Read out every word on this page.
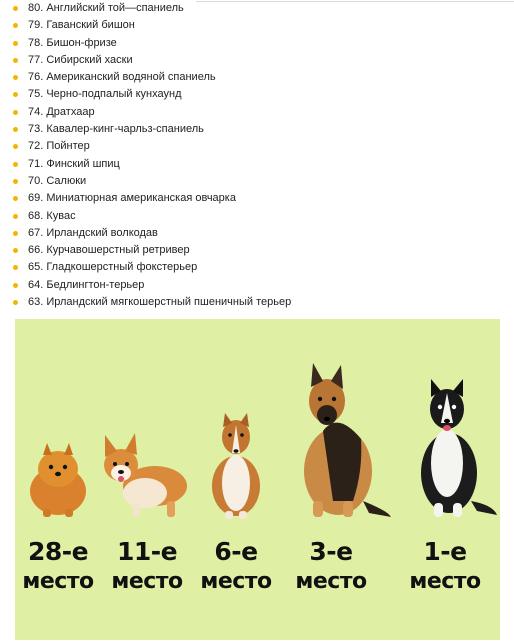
80. Английский той—спаниель
79. Гаванский бишон
78. Бишон-фризе
77. Сибирский хаски
76. Американский водяной спаниель
75. Черно-подпалый кунхаунд
74. Дратхаар
73. Кавалер-кинг-чарльз-спаниель
72. Пойнтер
71. Финский шпиц
70. Салюки
69. Миниатюрная американская овчарка
68. Кувас
67. Ирландский волкодав
66. Курчавошерстный ретривер
65. Гладкошерстный фокстерьер
64. Бедлингтон-терьер
63. Ирландский мягкошерстный пшеничный терьер
28-е
место
11-е
место
6-е
место
3-е
место
1-е
место
